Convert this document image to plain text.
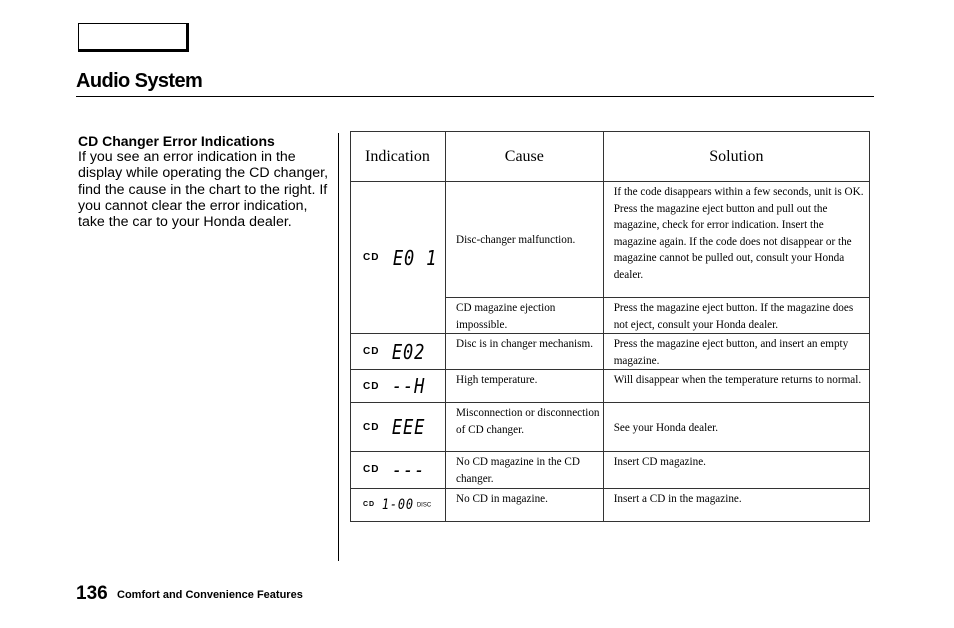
Audio System
CD Changer Error Indications
If you see an error indication in the display while operating the CD changer, find the cause in the chart to the right. If you cannot clear the error indication, take the car to your Honda dealer.
Indication	Cause	Solution
CD E0 1	Disc-changer malfunction.	If the code disappears within a few seconds, unit is OK. Press the magazine eject button and pull out the magazine, check for error indication. Insert the magazine again. If the code does not disappear or the magazine cannot be pulled out, consult your Honda dealer.
	CD magazine ejection impossible.	Press the magazine eject button. If the magazine does not eject, consult your Honda dealer.
CD E02	Disc is in changer mechanism.	Press the magazine eject button, and insert an empty magazine.
CD --H	High temperature.	Will disappear when the temperature returns to normal.
CD EEE	Misconnection or disconnection of CD changer.	See your Honda dealer.
CD ---	No CD magazine in the CD changer.	Insert CD magazine.
CD 1-00 DISC	No CD in magazine.	Insert a CD in the magazine.
136 Comfort and Convenience Features
